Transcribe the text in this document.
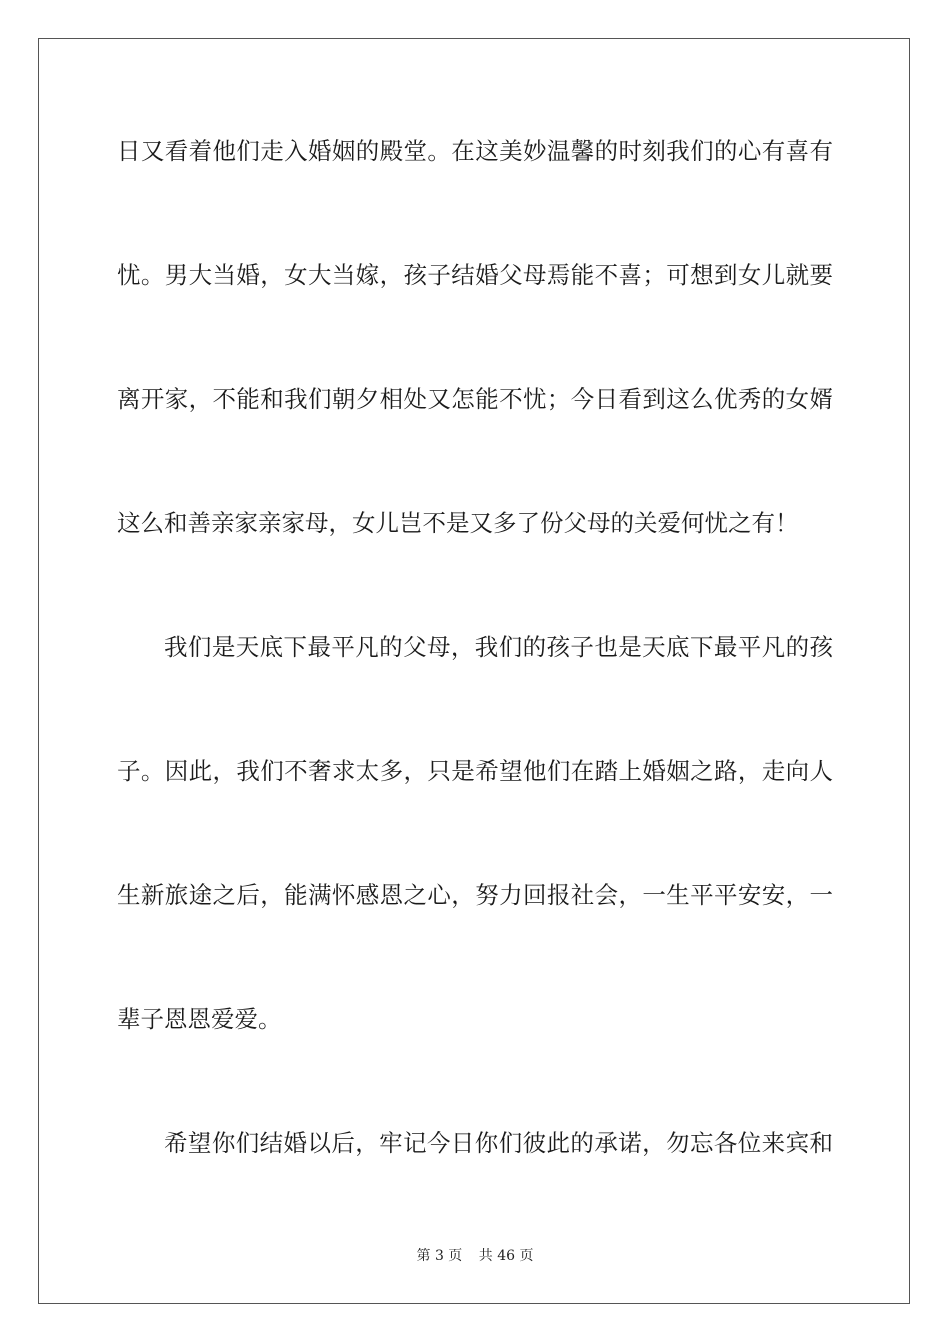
日又看着他们走入婚姻的殿堂。在这美妙温馨的时刻我们的心有喜有
忧。男大当婚，女大当嫁，孩子结婚父母焉能不喜；可想到女儿就要
离开家，不能和我们朝夕相处又怎能不忧；今日看到这么优秀的女婿
这么和善亲家亲家母，女儿岂不是又多了份父母的关爱何忧之有！
我们是天底下最平凡的父母，我们的孩子也是天底下最平凡的孩
子。因此，我们不奢求太多，只是希望他们在踏上婚姻之路，走向人
生新旅途之后，能满怀感恩之心，努力回报社会，一生平平安安，一
辈子恩恩爱爱。
希望你们结婚以后，牢记今日你们彼此的承诺，勿忘各位来宾和
第 3 页 共 46 页
